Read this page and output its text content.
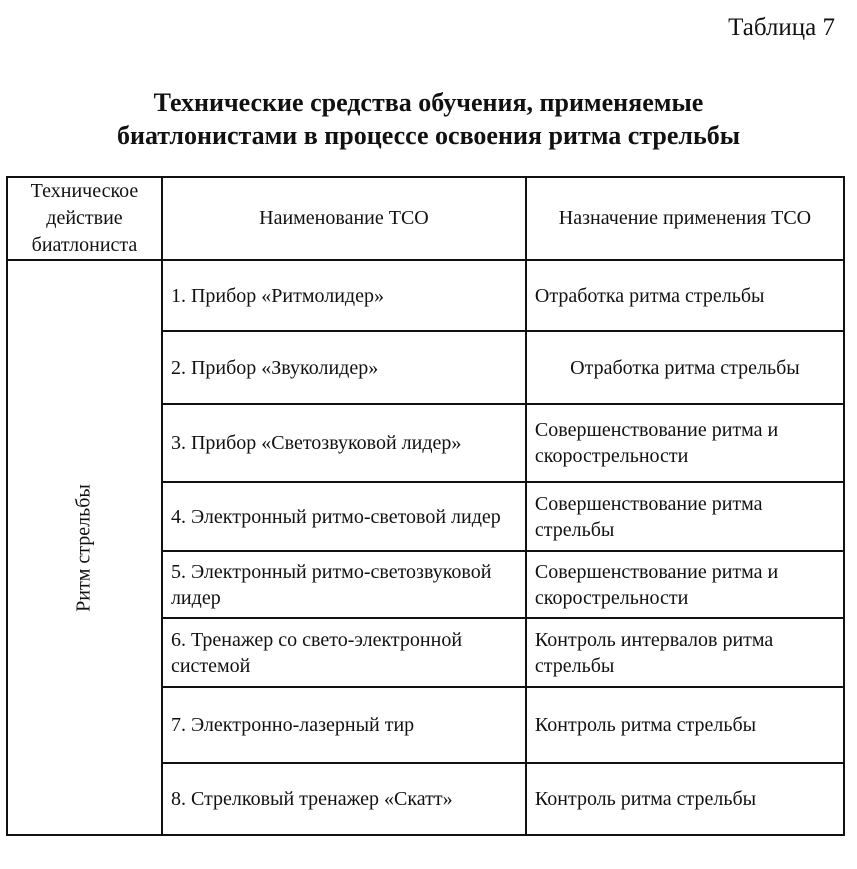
Таблица 7
Технические средства обучения, применяемые
биатлонистами в процессе освоения ритма стрельбы
Техническое действие биатлониста	Наименование ТСО	Назначение применения ТСО

Ритм стрельбы	1. Прибор «Ритмолидер»	Отработка ритма стрельбы
	2. Прибор «Звуколидер»	Отработка ритма стрельбы
	3. Прибор «Светозвуковой лидер»	Совершенствование ритма и скорострельности
	4. Электронный ритмо-световой лидер	Совершенствование ритма стрельбы
	5. Электронный ритмо-светозвуковой лидер	Совершенствование ритма и скорострельности
	6. Тренажер со свето-электронной системой	Контроль интервалов ритма стрельбы
	7. Электронно-лазерный тир	Контроль ритма стрельбы
	8. Стрелковый тренажер «Скатт»	Контроль ритма стрельбы
